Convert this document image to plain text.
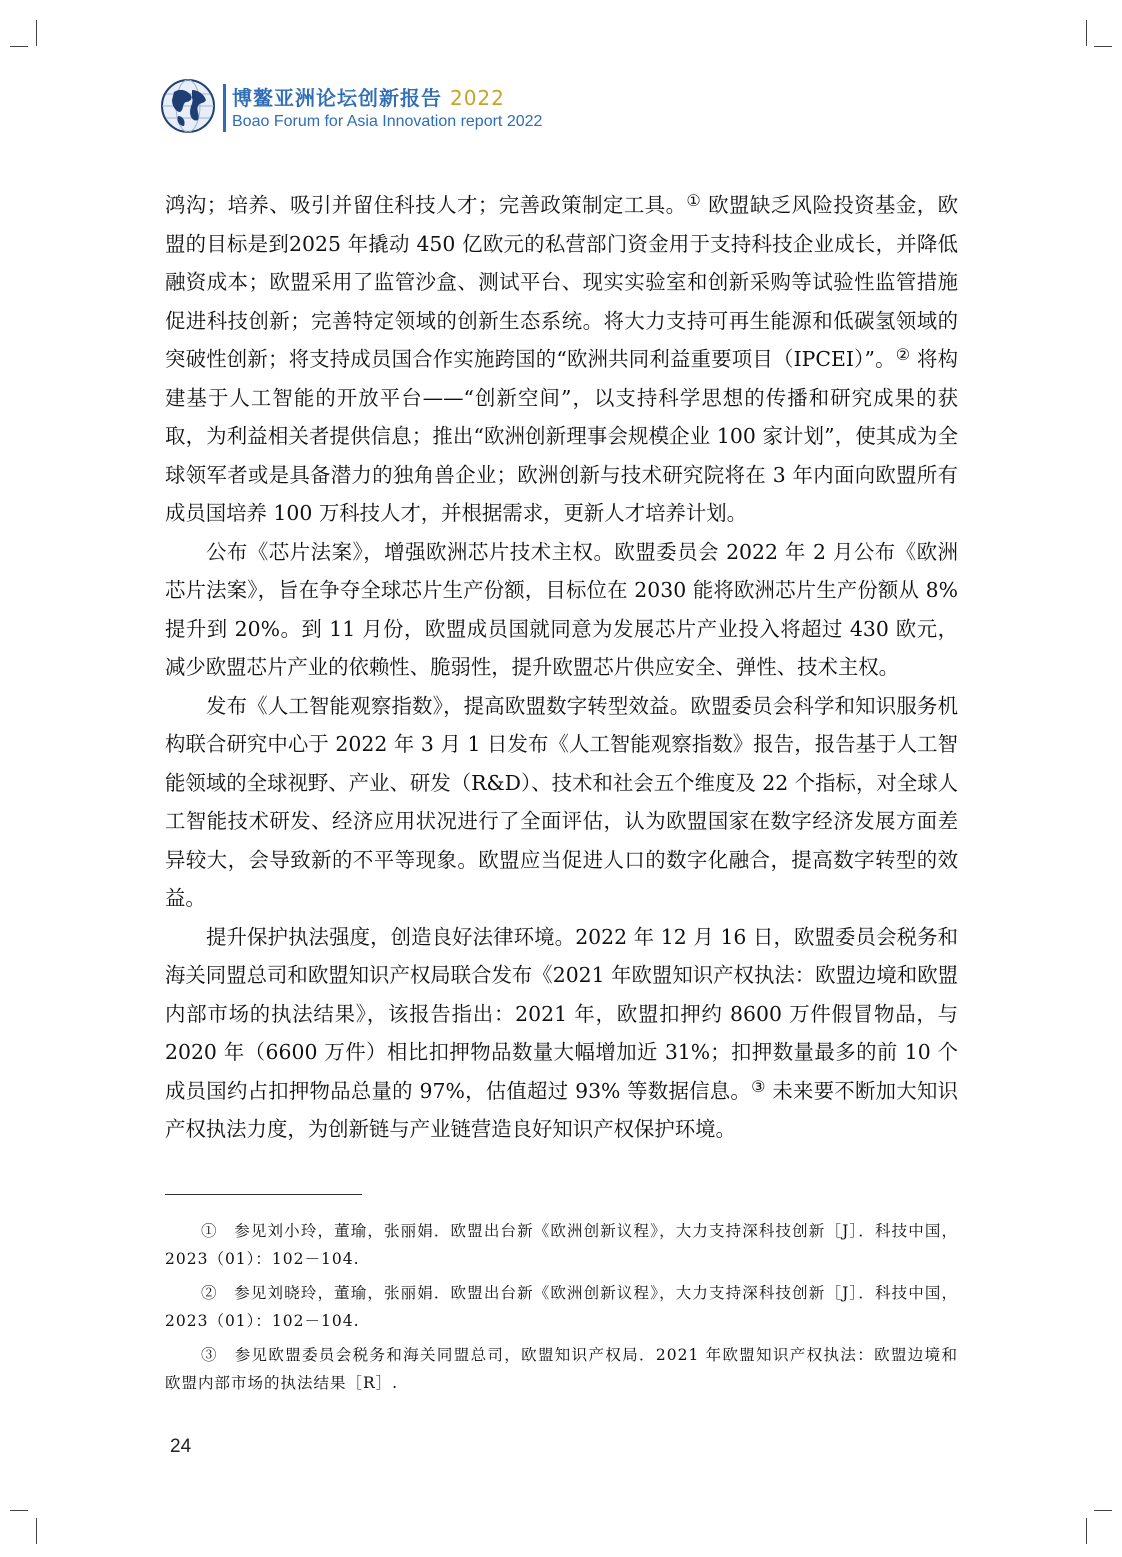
博鳌亚洲论坛创新报告 2022
Boao Forum for Asia Innovation report 2022

鸿沟；培养、吸引并留住科技人才；完善政策制定工具。① 欧盟缺乏风险投资基金，欧盟的目标是到2025 年撬动 450 亿欧元的私营部门资金用于支持科技企业成长，并降低融资成本；欧盟采用了监管沙盒、测试平台、现实实验室和创新采购等试验性监管措施促进科技创新；完善特定领域的创新生态系统。将大力支持可再生能源和低碳氢领域的突破性创新；将支持成员国合作实施跨国的“欧洲共同利益重要项目（IPCEI）”。② 将构建基于人工智能的开放平台——“创新空间”，以支持科学思想的传播和研究成果的获取，为利益相关者提供信息；推出“欧洲创新理事会规模企业 100 家计划”，使其成为全球领军者或是具备潜力的独角兽企业；欧洲创新与技术研究院将在 3 年内面向欧盟所有成员国培养 100 万科技人才，并根据需求，更新人才培养计划。

公布《芯片法案》，增强欧洲芯片技术主权。欧盟委员会 2022 年 2 月公布《欧洲芯片法案》，旨在争夺全球芯片生产份额，目标位在 2030 能将欧洲芯片生产份额从 8% 提升到 20%。到 11 月份，欧盟成员国就同意为发展芯片产业投入将超过 430 欧元，减少欧盟芯片产业的依赖性、脆弱性，提升欧盟芯片供应安全、弹性、技术主权。

发布《人工智能观察指数》，提高欧盟数字转型效益。欧盟委员会科学和知识服务机构联合研究中心于 2022 年 3 月 1 日发布《人工智能观察指数》报告，报告基于人工智能领域的全球视野、产业、研发（R&D）、技术和社会五个维度及 22 个指标，对全球人工智能技术研发、经济应用状况进行了全面评估，认为欧盟国家在数字经济发展方面差异较大，会导致新的不平等现象。欧盟应当促进人口的数字化融合，提高数字转型的效益。

提升保护执法强度，创造良好法律环境。2022 年 12 月 16 日，欧盟委员会税务和海关同盟总司和欧盟知识产权局联合发布《2021 年欧盟知识产权执法：欧盟边境和欧盟内部市场的执法结果》，该报告指出：2021 年，欧盟扣押约 8600 万件假冒物品，与 2020 年（6600 万件）相比扣押物品数量大幅增加近 31%；扣押数量最多的前 10 个成员国约占扣押物品总量的 97%，估值超过 93% 等数据信息。③ 未来要不断加大知识产权执法力度，为创新链与产业链营造良好知识产权保护环境。

①　参见刘小玲，董瑜，张丽娟．欧盟出台新《欧洲创新议程》，大力支持深科技创新［J］．科技中国，2023（01）：102－104.

②　参见刘晓玲，董瑜，张丽娟．欧盟出台新《欧洲创新议程》，大力支持深科技创新［J］．科技中国，2023（01）：102－104.

③　参见欧盟委员会税务和海关同盟总司，欧盟知识产权局．2021 年欧盟知识产权执法：欧盟边境和欧盟内部市场的执法结果［R］.

24
